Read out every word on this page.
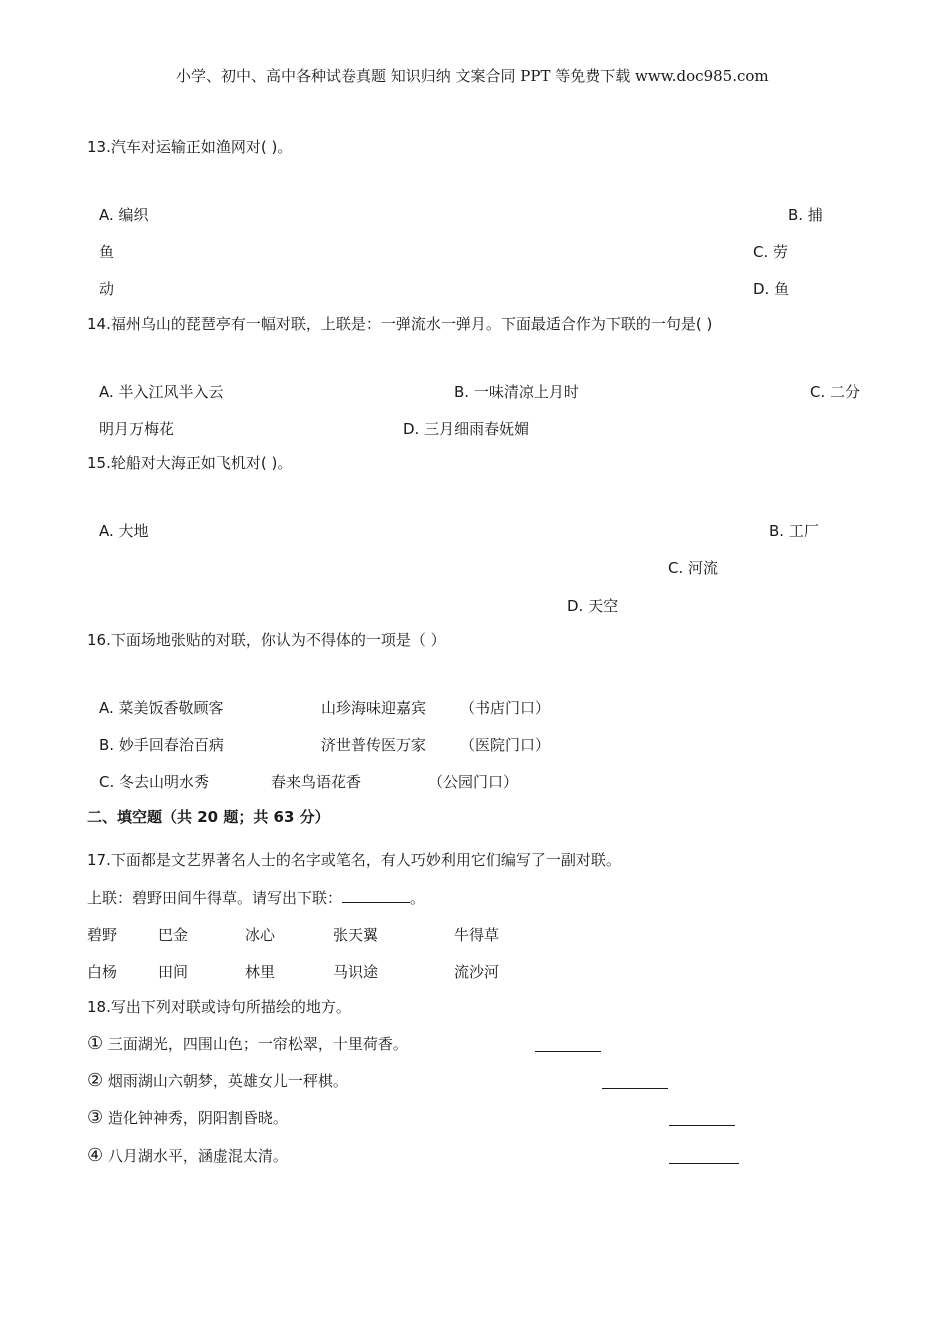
小学、初中、高中各种试卷真题 知识归纳 文案合同 PPT 等免费下载 www.doc985.com
13.汽车对运输正如渔网对( )。
A. 编织	B. 捕
鱼	C. 劳
动	D. 鱼
14.福州乌山的琵琶亭有一幅对联，上联是：一弹流水一弹月。下面最适合作为下联的一句是( )
A. 半入江风半入云	B. 一味清凉上月时	C. 二分
明月万梅花	D. 三月细雨春妩媚
15.轮船对大海正如飞机对( )。
A. 大地	B. 工厂
C. 河流
D. 天空
16.下面场地张贴的对联，你认为不得体的一项是（ ）
A. 菜美饭香敬顾客	山珍海味迎嘉宾 （书店门口）
B. 妙手回春治百病	济世普传医万家 （医院门口）
C. 冬去山明水秀	春来鸟语花香	（公园门口）
二、填空题（共 20 题；共 63 分）
17.下面都是文艺界著名人士的名字或笔名，有人巧妙利用它们编写了一副对联。
上联：碧野田间牛得草。请写出下联：	。
碧野	巴金	冰心	张天翼	牛得草
白杨	田间	林里	马识途	流沙河
18.写出下列对联或诗句所描绘的地方。
① 三面湖光，四围山色；一帘松翠，十里荷香。
② 烟雨湖山六朝梦，英雄女儿一秤棋。
③ 造化钟神秀，阴阳割昏晓。
④ 八月湖水平，涵虚混太清。
